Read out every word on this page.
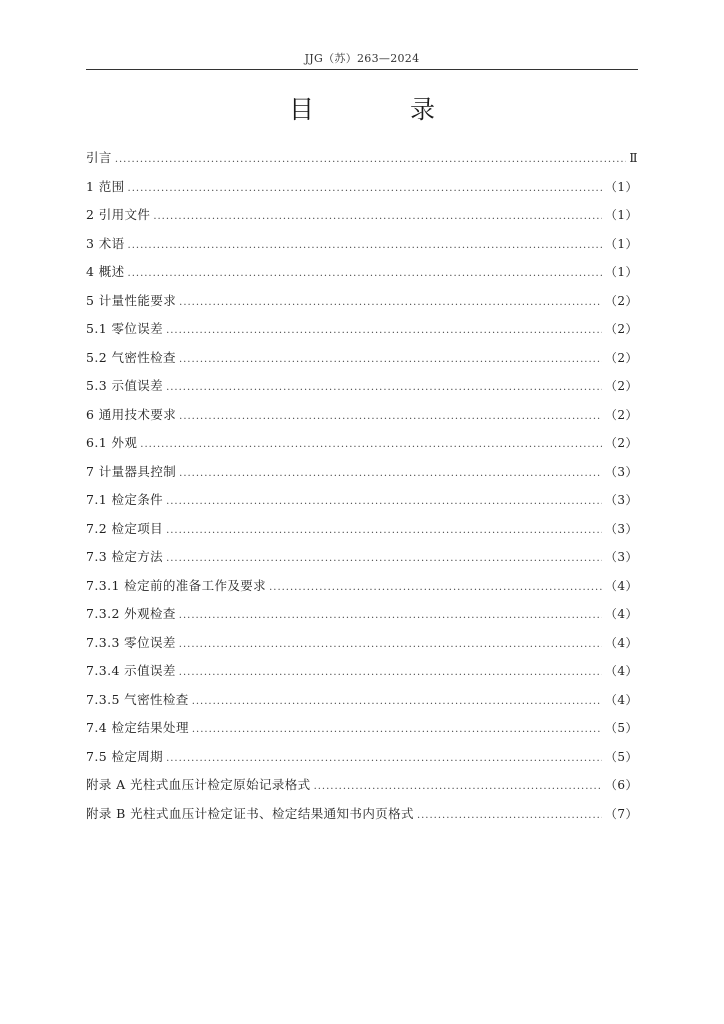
JJG（苏）263—2024
目 录
引言 .....	Ⅱ
1 范围 .....	（1）
2 引用文件 .....	（1）
3 术语 .....	（1）
4 概述 .....	（1）
5 计量性能要求 .....	（2）
5.1 零位误差 .....	（2）
5.2 气密性检查 .....	（2）
5.3 示值误差 .....	（2）
6 通用技术要求 .....	（2）
6.1 外观 .....	（2）
7 计量器具控制 .....	（3）
7.1 检定条件 .....	（3）
7.2 检定项目 .....	（3）
7.3 检定方法 .....	（3）
7.3.1 检定前的准备工作及要求 .....	（4）
7.3.2 外观检查 .....	（4）
7.3.3 零位误差 .....	（4）
7.3.4 示值误差 .....	（4）
7.3.5 气密性检查 .....	（4）
7.4 检定结果处理 .....	（5）
7.5 检定周期 .....	（5）
附录 A 光柱式血压计检定原始记录格式 .....	（6）
附录 B 光柱式血压计检定证书、检定结果通知书内页格式 .....	（7）
